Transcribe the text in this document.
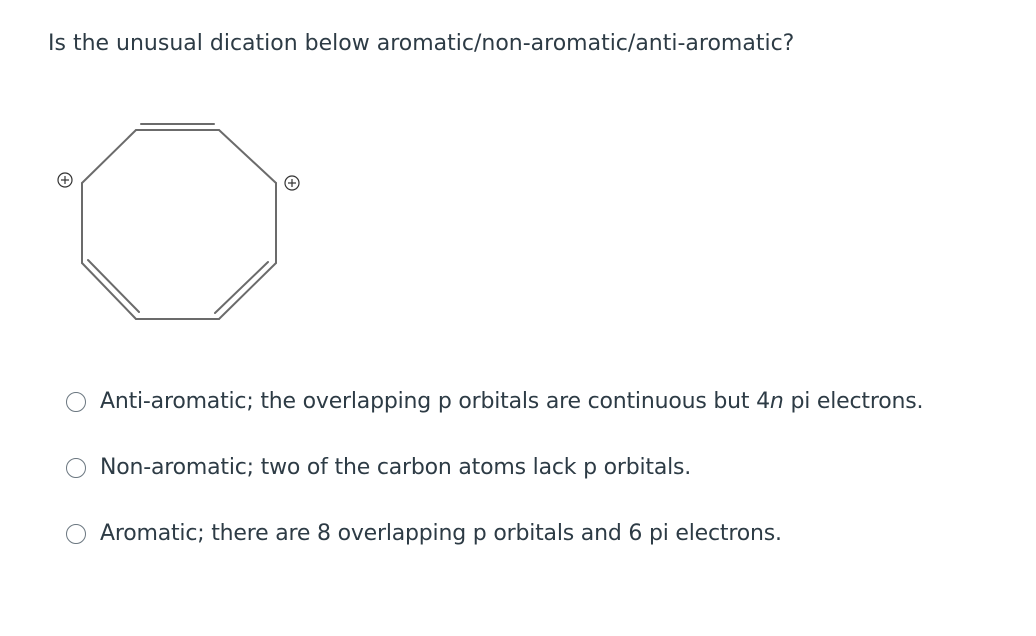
Is the unusual dication below aromatic/non-aromatic/anti-aromatic?
Anti-aromatic; the overlapping p orbitals are continuous but 4n pi electrons.
Non-aromatic; two of the carbon atoms lack p orbitals.
Aromatic; there are 8 overlapping p orbitals and 6 pi electrons.
